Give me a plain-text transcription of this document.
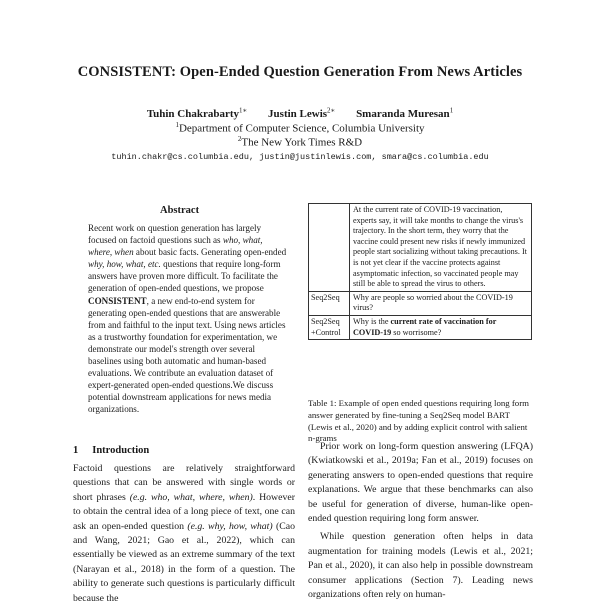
CONSISTENT: Open-Ended Question Generation From News Articles
Tuhin Chakrabarty$^{1∗}$ Justin Lewis$^{2∗}$ Smaranda Muresan$^1$
$^1$Department of Computer Science, Columbia University
$^2$The New York Times R&D
tuhin.chakr@cs.columbia.edu, justin@justinlewis.com, smara@cs.columbia.edu
Abstract
Recent work on question generation has largely focused on factoid questions such as who, what, where, when about basic facts. Generating open-ended why, how, what, etc. questions that require long-form answers have proven more difficult. To facilitate the generation of open-ended questions, we propose CONSISTENT, a new end-to-end system for generating open-ended questions that are answerable from and faithful to the input text. Using news articles as a trustworthy foundation for experimentation, we demonstrate our model's strength over several baselines using both automatic and human-based evaluations. We contribute an evaluation dataset of expert-generated open-ended questions.We discuss potential downstream applications for news media organizations.
1 Introduction
Factoid questions are relatively straightforward questions that can be answered with single words or short phrases (e.g. who, what, where, when). However to obtain the central idea of a long piece of text, one can ask an open-ended question (e.g. why, how, what) (Cao and Wang, 2021; Gao et al., 2022), which can essentially be viewed as an extreme summary of the text (Narayan et al., 2018) in the form of a question. The ability to generate such questions is particularly difficult because the
	At the current rate of COVID-19 vaccination, experts say, it will take months to change the virus's trajectory. In the short term, they worry that the vaccine could present new risks if newly immunized people start socializing without taking precautions. It is not yet clear if the vaccine protects against asymptomatic infection, so vaccinated people may still be able to spread the virus to others.
Seq2Seq	Why are people so worried about the COVID-19 virus?
Seq2Seq +Control	Why is the current rate of vaccination for COVID-19 so worrisome?
Table 1: Example of open ended questions requiring long form answer generated by fine-tuning a Seq2Seq model BART (Lewis et al., 2020) and by adding explicit control with salient n-grams

Prior work on long-form question answering (LFQA) (Kwiatkowski et al., 2019a; Fan et al., 2019) focuses on generating answers to open-ended questions that require explanations. We argue that these benchmarks can also be useful for generation of diverse, human-like open-ended question requiring long form answer.

While question generation often helps in data augmentation for training models (Lewis et al., 2021; Pan et al., 2020), it can also help in possible downstream consumer applications (Section 7). Leading news organizations often rely on human-
